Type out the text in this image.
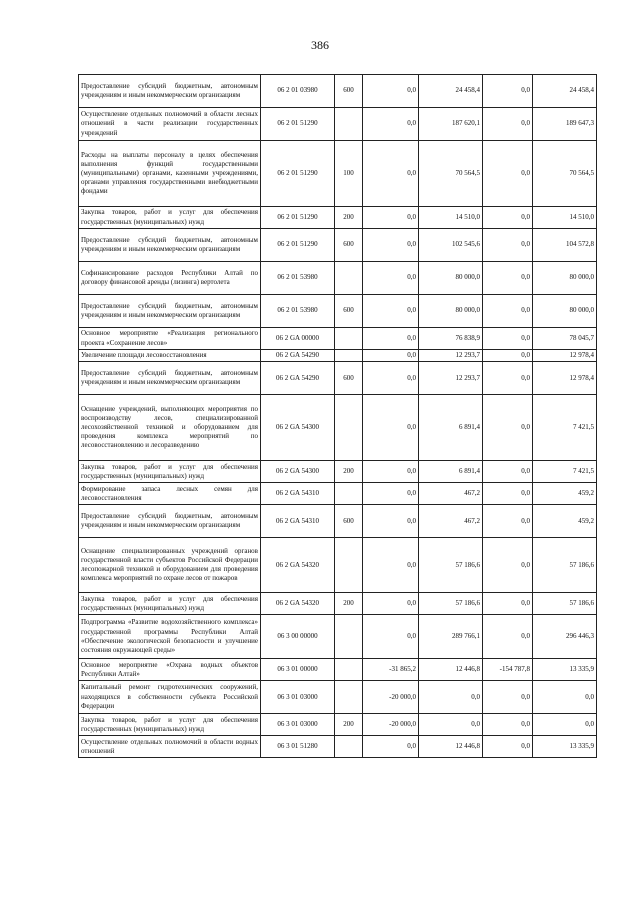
386
Предоставление субсидий бюджетным, автономным учреждениям и иным некоммерческим организациям	06 2 01 03980	600	0,0	24 458,4	0,0	24 458,4
Осуществление отдельных полномочий в области лесных отношений в части реализации государственных учреждений	06 2 01 51290		0,0	187 620,1	0,0	189 647,3
Расходы на выплаты персоналу в целях обеспечения выполнения функций государственными (муниципальными) органами, казенными учреждениями, органами управления государственными внебюджетными фондами	06 2 01 51290	100	0,0	70 564,5	0,0	70 564,5
Закупка товаров, работ и услуг для обеспечения государственных (муниципальных) нужд	06 2 01 51290	200	0,0	14 510,0	0,0	14 510,0
Предоставление субсидий бюджетным, автономным учреждениям и иным некоммерческим организациям	06 2 01 51290	600	0,0	102 545,6	0,0	104 572,8
Софинансирование расходов Республики Алтай по договору финансовой аренды (лизинга) вертолета	06 2 01 53980		0,0	80 000,0	0,0	80 000,0
Предоставление субсидий бюджетным, автономным учреждениям и иным некоммерческим организациям	06 2 01 53980	600	0,0	80 000,0	0,0	80 000,0
Основное мероприятие «Реализация регионального проекта «Сохранение лесов»	06 2 GA 00000		0,0	76 838,9	0,0	78 045,7
Увеличение площади лесовосстановления	06 2 GA 54290		0,0	12 293,7	0,0	12 978,4
Предоставление субсидий бюджетным, автономным учреждениям и иным некоммерческим организациям	06 2 GA 54290	600	0,0	12 293,7	0,0	12 978,4
Оснащение учреждений, выполняющих мероприятия по воспроизводству лесов, специализированной лесохозяйственной техникой и оборудованием для проведения комплекса мероприятий по лесовосстановлению и лесоразведению	06 2 GA 54300		0,0	6 891,4	0,0	7 421,5
Закупка товаров, работ и услуг для обеспечения государственных (муниципальных) нужд	06 2 GA 54300	200	0,0	6 891,4	0,0	7 421,5
Формирование запаса лесных семян для лесовосстановления	06 2 GA 54310		0,0	467,2	0,0	459,2
Предоставление субсидий бюджетным, автономным учреждениям и иным некоммерческим организациям	06 2 GA 54310	600	0,0	467,2	0,0	459,2
Оснащение специализированных учреждений органов государственной власти субъектов Российской Федерации лесопожарной техникой и оборудованием для проведения комплекса мероприятий по охране лесов от пожаров	06 2 GA 54320		0,0	57 186,6	0,0	57 186,6
Закупка товаров, работ и услуг для обеспечения государственных (муниципальных) нужд	06 2 GA 54320	200	0,0	57 186,6	0,0	57 186,6
Подпрограмма «Развитие водохозяйственного комплекса» государственной программы Республики Алтай «Обеспечение экологической безопасности и улучшение состояния окружающей среды»	06 3 00 00000		0,0	289 766,1	0,0	296 446,3
Основное мероприятие «Охрана водных объектов Республики Алтай»	06 3 01 00000		-31 865,2	12 446,8	-154 787,8	13 335,9
Капитальный ремонт гидротехнических сооружений, находящихся в собственности субъекта Российской Федерации	06 3 01 03000		-20 000,0	0,0	0,0	0,0
Закупка товаров, работ и услуг для обеспечения государственных (муниципальных) нужд	06 3 01 03000	200	-20 000,0	0,0	0,0	0,0
Осуществление отдельных полномочий в области водных отношений	06 3 01 51280		0,0	12 446,8	0,0	13 335,9
